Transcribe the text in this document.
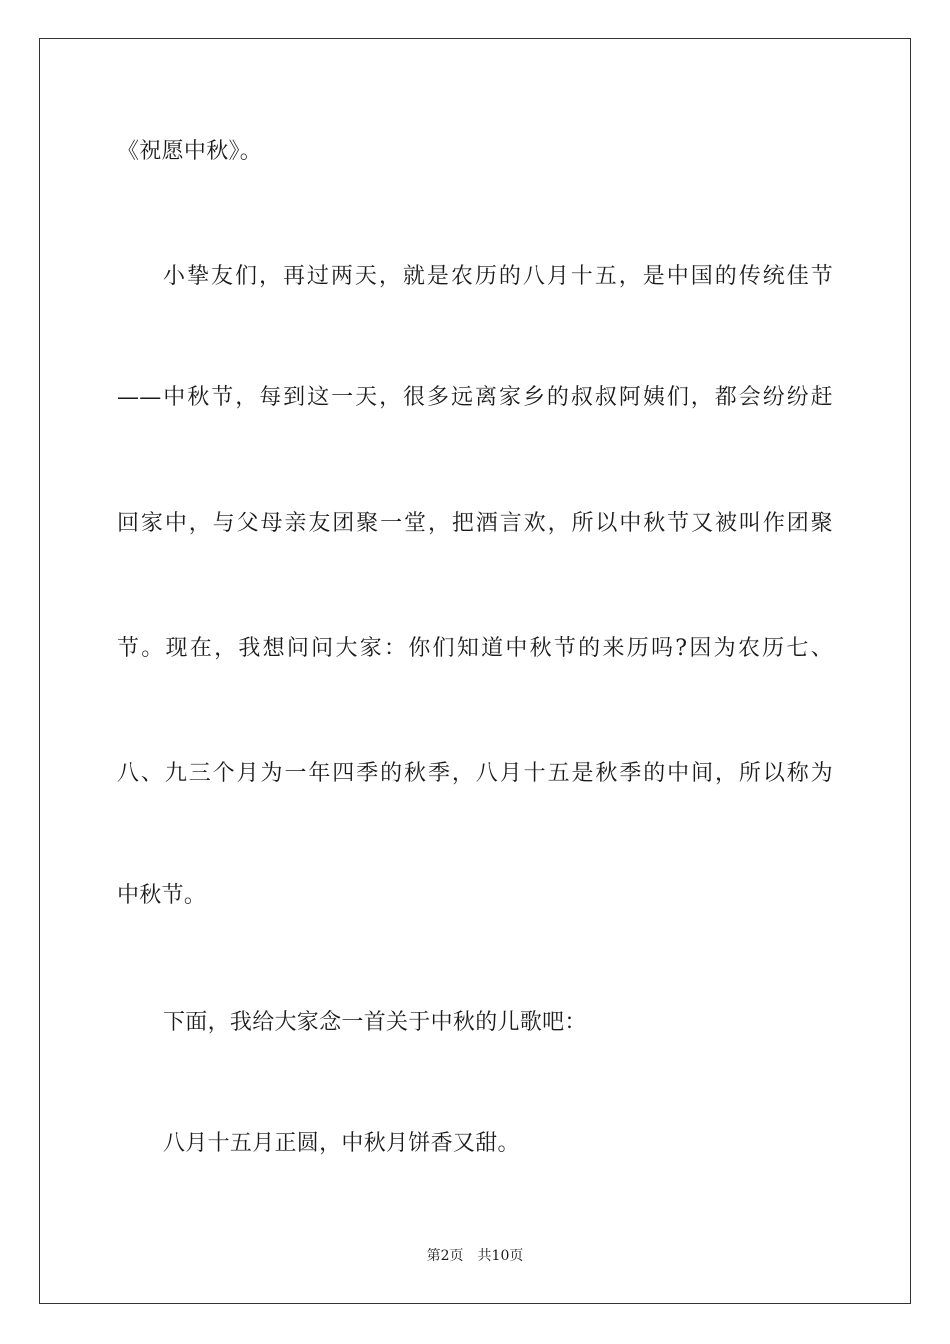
《祝愿中秋》。
小挚友们，再过两天，就是农历的八月十五，是中国的传统佳节
——中秋节，每到这一天，很多远离家乡的叔叔阿姨们，都会纷纷赶
回家中，与父母亲友团聚一堂，把酒言欢，所以中秋节又被叫作团聚
节。现在，我想问问大家：你们知道中秋节的来历吗?因为农历七、
八、九三个月为一年四季的秋季，八月十五是秋季的中间，所以称为
中秋节。
下面，我给大家念一首关于中秋的儿歌吧：
八月十五月正圆，中秋月饼香又甜。
第2页 共10页
